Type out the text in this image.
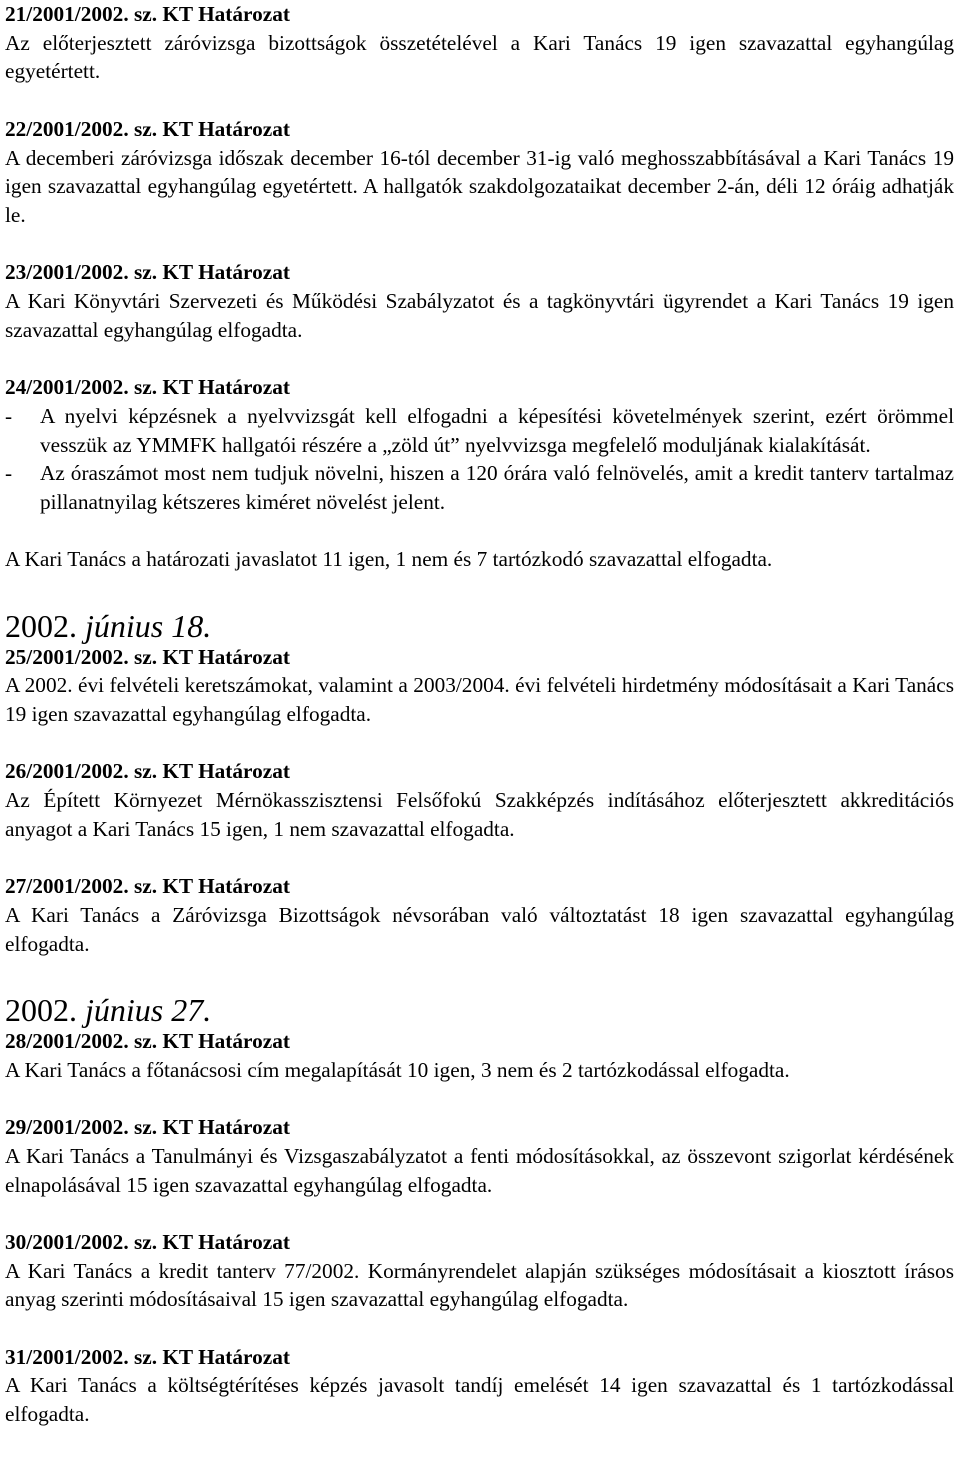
21/2001/2002. sz. KT Határozat
Az előterjesztett záróvizsga bizottságok összetételével a Kari Tanács 19 igen szavazattal egyhangúlag egyetértett.
22/2001/2002. sz. KT Határozat
A decemberi záróvizsga időszak december 16-tól december 31-ig való meghosszabbításával a Kari Tanács 19 igen szavazattal egyhangúlag egyetértett. A hallgatók szakdolgozataikat december 2-án, déli 12 óráig adhatják le.
23/2001/2002. sz. KT Határozat
A Kari Könyvtári Szervezeti és Működési Szabályzatot és a tagkönyvtári ügyrendet a Kari Tanács 19 igen szavazattal egyhangúlag elfogadta.
24/2001/2002. sz. KT Határozat
-	A nyelvi képzésnek a nyelvvizsgát kell elfogadni a képesítési követelmények szerint, ezért örömmel vesszük az YMMFK hallgatói részére a „zöld út” nyelvvizsga megfelelő moduljának kialakítását.
-	Az óraszámot most nem tudjuk növelni, hiszen a 120 órára való felnövelés, amit a kredit tanterv tartalmaz pillanatnyilag kétszeres kiméret növelést jelent.
A Kari Tanács a határozati javaslatot 11 igen, 1 nem és 7 tartózkodó szavazattal elfogadta.
2002. június 18.
25/2001/2002. sz. KT Határozat
A 2002. évi felvételi keretszámokat, valamint a 2003/2004. évi felvételi hirdetmény módosításait a Kari Tanács 19 igen szavazattal egyhangúlag elfogadta.
26/2001/2002. sz. KT Határozat
Az Épített Környezet Mérnökasszisztensi Felsőfokú Szakképzés indításához előterjesztett akkreditációs anyagot a Kari Tanács 15 igen, 1 nem szavazattal elfogadta.
27/2001/2002. sz. KT Határozat
A Kari Tanács a Záróvizsga Bizottságok névsorában való változtatást 18 igen szavazattal egyhangúlag elfogadta.
2002. június 27.
28/2001/2002. sz. KT Határozat
A Kari Tanács a főtanácsosi cím megalapítását 10 igen, 3 nem és 2 tartózkodással elfogadta.
29/2001/2002. sz. KT Határozat
A Kari Tanács a Tanulmányi és Vizsgaszabályzatot a fenti módosításokkal, az összevont szigorlat kérdésének elnapolásával 15 igen szavazattal egyhangúlag elfogadta.
30/2001/2002. sz. KT Határozat
A Kari Tanács a kredit tanterv 77/2002. Kormányrendelet alapján szükséges módosításait a kiosztott írásos anyag szerinti módosításaival 15 igen szavazattal egyhangúlag elfogadta.
31/2001/2002. sz. KT Határozat
A Kari Tanács a költségtérítéses képzés javasolt tandíj emelését 14 igen szavazattal és 1 tartózkodással elfogadta.
